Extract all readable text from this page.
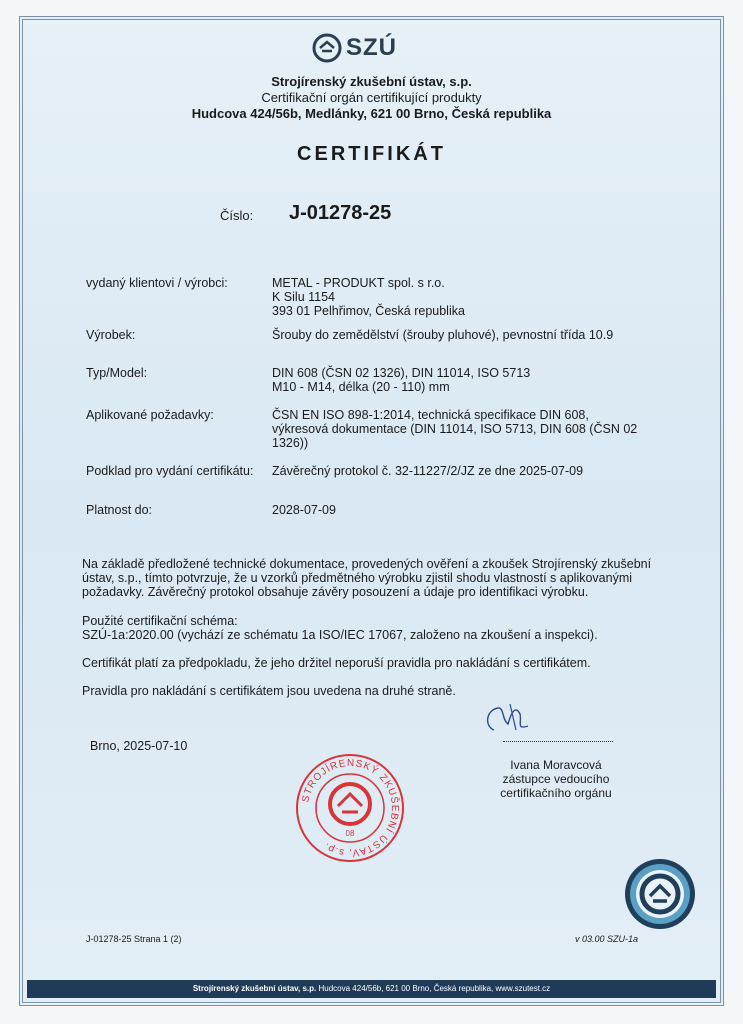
SZÚ
Strojírenský zkušební ústav, s.p.
Certifikační orgán certifikující produkty
Hudcova 424/56b, Medlánky, 621 00 Brno, Česká republika
CERTIFIKÁT
Číslo: J-01278-25
vydaný klientovi / výrobci:	METAL - PRODUKT spol. s r.o.
K Silu 1154
393 01 Pelhřimov, Česká republika
Výrobek:	Šrouby do zemědělství (šrouby pluhové), pevnostní třída 10.9
Typ/Model:	DIN 608 (ČSN 02 1326), DIN 11014, ISO 5713
M10 - M14, délka (20 - 110) mm
Aplikované požadavky:	ČSN EN ISO 898-1:2014, technická specifikace DIN 608,
výkresová dokumentace (DIN 11014, ISO 5713, DIN 608 (ČSN 02
1326))
Podklad pro vydání certifikátu: Závěrečný protokol č. 32-11227/2/JZ ze dne 2025-07-09
Platnost do:	2028-07-09
Na základě předložené technické dokumentace, provedených ověření a zkoušek Strojírenský zkušební
ústav, s.p., tímto potvrzuje, že u vzorků předmětného výrobku zjistil shodu vlastností s aplikovanými
požadavky. Závěrečný protokol obsahuje závěry posouzení a údaje pro identifikaci výrobku.
Použité certifikační schéma:
SZÚ-1a:2020.00 (vychází ze schématu 1a ISO/IEC 17067, založeno na zkoušení a inspekci).
Certifikát platí za předpokladu, že jeho držitel neporuší pravidla pro nakládání s certifikátem.
Pravidla pro nakládání s certifikátem jsou uvedena na druhé straně.
Brno, 2025-07-10
Ivana Moravcová
zástupce vedoucího
certifikačního orgánu
STROJÍRENSKÝ ZKUŠEBNÍ ÚSTAV, s.p.
08
J-01278-25 Strana 1 (2)	v 03.00 SZU-1a
Strojírenský zkušební ústav, s.p. Hudcova 424/56b, 621 00 Brno, Česká republika, www.szutest.cz
